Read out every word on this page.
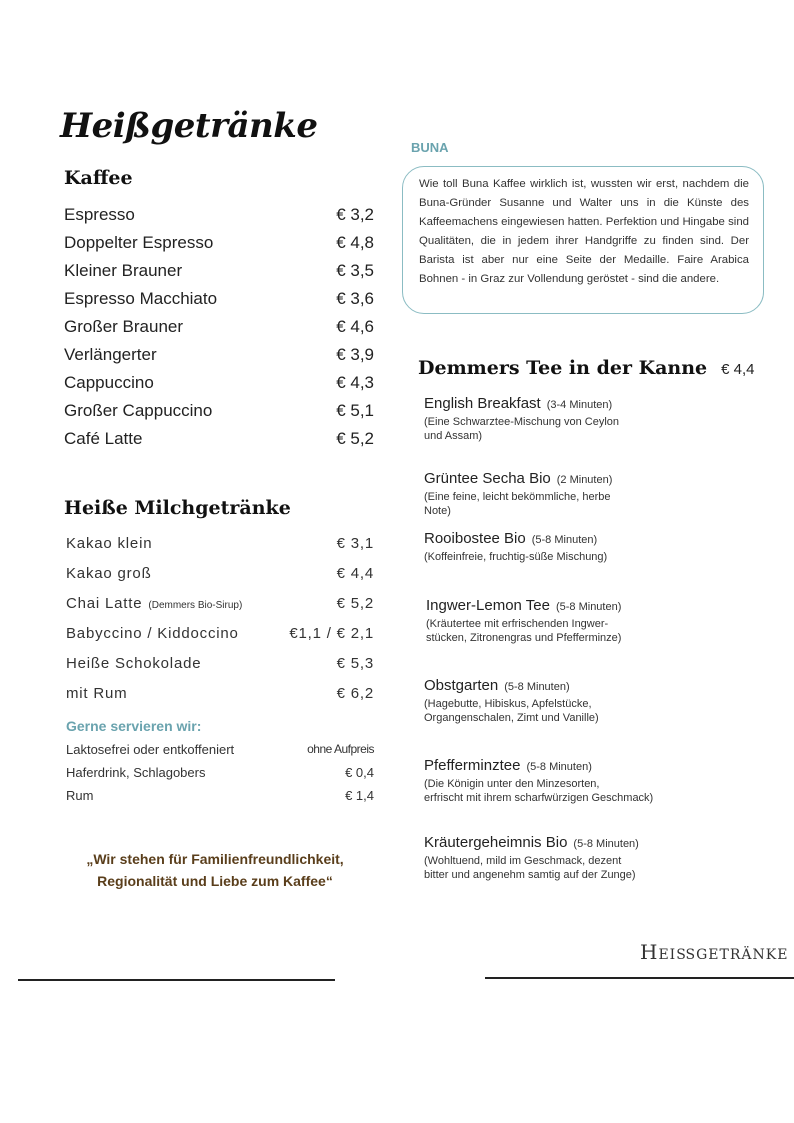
Heißgetränke
Kaffee
Espresso	€ 3,2
Doppelter Espresso	€ 4,8
Kleiner Brauner	€ 3,5
Espresso Macchiato	€ 3,6
Großer Brauner	€ 4,6
Verlängerter	€ 3,9
Cappuccino	€ 4,3
Großer Cappuccino	€ 5,1
Café Latte	€ 5,2
Heiße Milchgetränke
Kakao klein	€ 3,1
Kakao groß	€ 4,4
Chai Latte (Demmers Bio-Sirup)	€ 5,2
Babyccino / Kiddoccino	€1,1 / € 2,1
Heiße Schokolade	€ 5,3
mit Rum	€ 6,2
Gerne servieren wir:
Laktosefrei oder entkoffeniert	ohne Aufpreis
Haferdrink, Schlagobers	€ 0,4
Rum	€ 1,4
„Wir stehen für Familienfreundlichkeit,
Regionalität und Liebe zum Kaffee“
BUNA

Wie toll Buna Kaffee wirklich ist, wussten wir erst, nachdem die Buna-Gründer Susanne und Walter uns in die Künste des Kaffeemachens eingewiesen hatten. Perfektion und Hingabe sind Qualitäten, die in jedem ihrer Handgriffe zu finden sind. Der Barista ist aber nur eine Seite der Medaille. Faire Arabica Bohnen - in Graz zur Vollendung geröstet - sind die andere.

Demmers Tee in der Kanne € 4,4
English Breakfast (3-4 Minuten)
(Eine Schwarztee-Mischung von Ceylon
und Assam)
Grüntee Secha Bio (2 Minuten)
(Eine feine, leicht bekömmliche, herbe
Note)
Rooibostee Bio (5-8 Minuten)
(Koffeinfreie, fruchtig-süße Mischung)
Ingwer-Lemon Tee (5-8 Minuten)
(Kräutertee mit erfrischenden Ingwer-
stücken, Zitronengras und Pfefferminze)
Obstgarten (5-8 Minuten)
(Hagebutte, Hibiskus, Apfelstücke,
Organgenschalen, Zimt und Vanille)
Pfefferminztee (5-8 Minuten)
(Die Königin unter den Minzesorten,
erfrischt mit ihrem scharfwürzigen Geschmack)
Kräutergeheimnis Bio (5-8 Minuten)
(Wohltuend, mild im Geschmack, dezent
bitter und angenehm samtig auf der Zunge)
Heißgetränke
